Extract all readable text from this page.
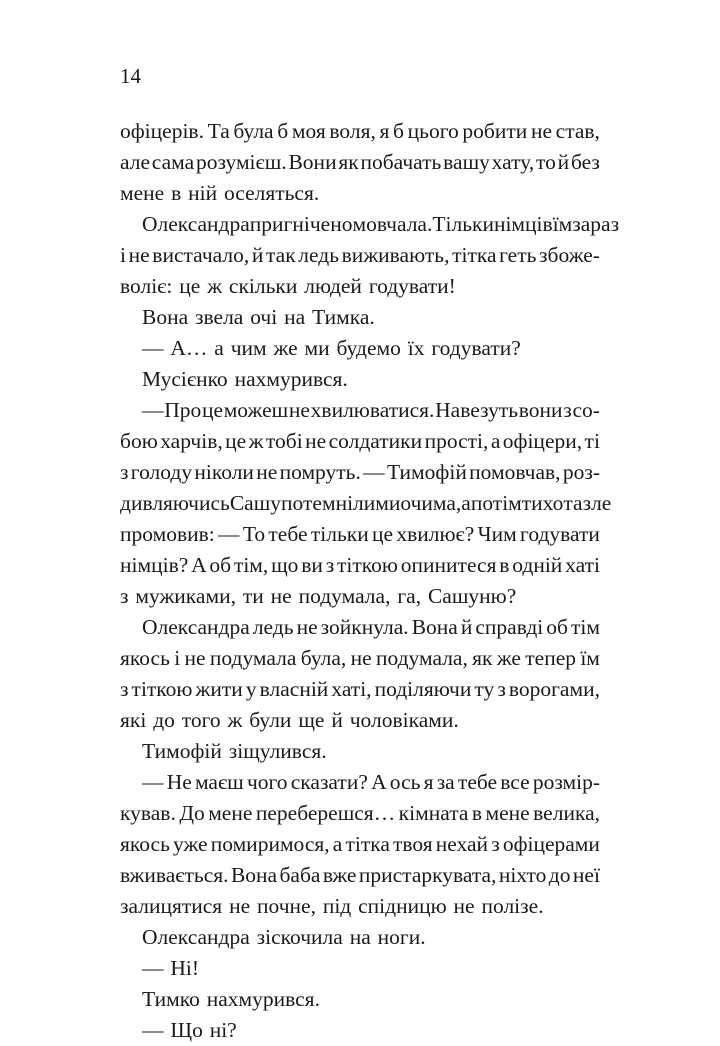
14
офіцерів. Та була б моя воля, я б цього робити не став,
але сама розумієш. Вони як побачать вашу хату, то й без
мене в ній оселяться.
Олександра пригнічено мовчала. Тільки німців їм зараз
і не вистачало, й так ледь виживають, тітка геть збоже-
воліє: це ж скільки людей годувати!
Вона звела очі на Тимка.
— А… а чим же ми будемо їх годувати?
Мусієнко нахмурився.
— Про це можеш не хвилюватися. Навезуть вони з со-
бою харчів, це ж тобі не солдатики прості, а офіцери, ті
з голоду ніколи не помруть. — Тимофій помовчав, роз-
дивляючись Сашу потемнілими очима, а потім тихо та зле
промовив: — То тебе тільки це хвилює? Чим годувати
німців? А об тім, що ви з тіткою опинитеся в одній хаті
з мужиками, ти не подумала, га, Сашуню?
Олександра ледь не зойкнула. Вона й справді об тім
якось і не подумала була, не подумала, як же тепер їм
з тіткою жити у власній хаті, поділяючи ту з ворогами,
які до того ж були ще й чоловіками.
Тимофій зіщулився.
— Не маєш чого сказати? А ось я за тебе все розмір-
кував. До мене переберешся… кімната в мене велика,
якось уже помиримося, а тітка твоя нехай з офіцерами
вживається. Вона баба вже пристаркувата, ніхто до неї
залицятися не почне, під спідницю не полізе.
Олександра зіскочила на ноги.
— Ні!
Тимко нахмурився.
— Що ні?
